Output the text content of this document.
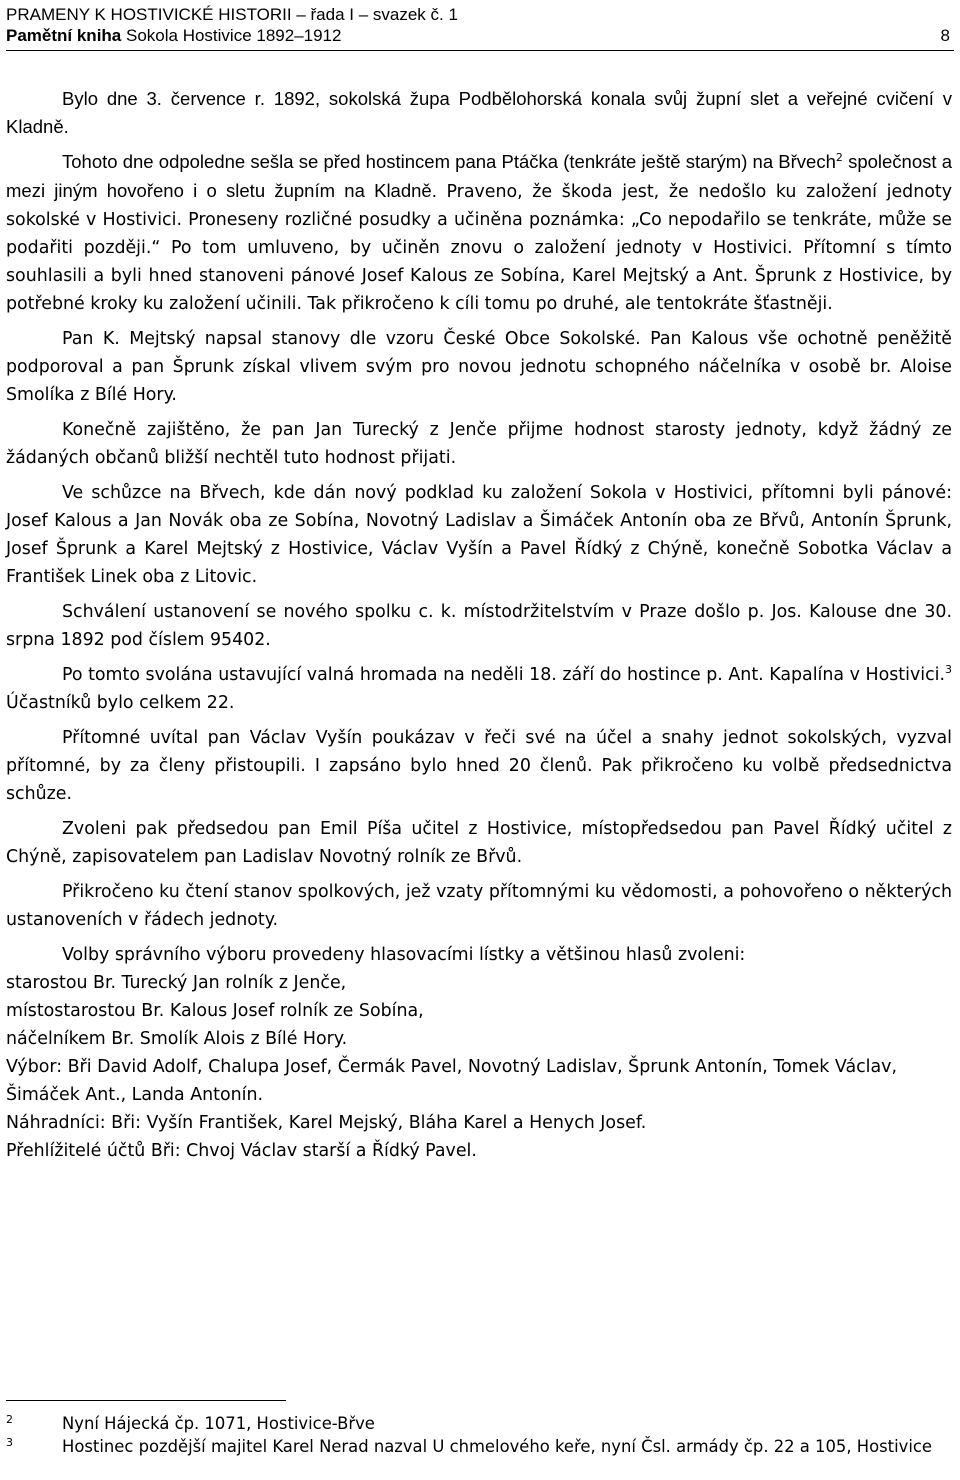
PRAMENY K HOSTIVICKÉ HISTORII – řada I – svazek č. 1
Pamětní kniha Sokola Hostivice 1892–1912	8

Bylo dne 3. července r. 1892, sokolská župa Podbělohorská konala svůj župní slet a veřejné cvičení v Kladně.

Tohoto dne odpoledne sešla se před hostincem pana Ptáčka (tenkráte ještě starým) na Břvech$^2$ společnost a mezi jiným hovořeno i o sletu župním na Kladně. Praveno, že škoda jest, že nedošlo ku založení jednoty sokolské v Hostivici. Proneseny rozličné posudky a učiněna poznámka: „Co nepodařilo se tenkráte, může se podařiti později.“ Po tom umluveno, by učiněn znovu o založení jednoty v Hostivici. Přítomní s tímto souhlasili a byli hned stanoveni pánové Josef Kalous ze Sobína, Karel Mejtský a Ant. Šprunk z Hostivice, by potřebné kroky ku založení učinili. Tak přikročeno k cíli tomu po druhé, ale tentokráte šťastněji.

Pan K. Mejtský napsal stanovy dle vzoru České Obce Sokolské. Pan Kalous vše ochotně peněžitě podporoval a pan Šprunk získal vlivem svým pro novou jednotu schopného náčelníka v osobě br. Aloise Smolíka z Bílé Hory.

Konečně zajištěno, že pan Jan Turecký z Jenče přijme hodnost starosty jednoty, když žádný ze žádaných občanů bližší nechtěl tuto hodnost přijati.

Ve schůzce na Břvech, kde dán nový podklad ku založení Sokola v Hostivici, přítomni byli pánové: Josef Kalous a Jan Novák oba ze Sobína, Novotný Ladislav a Šimáček Antonín oba ze Břvů, Antonín Šprunk, Josef Šprunk a Karel Mejtský z Hostivice, Václav Vyšín a Pavel Řídký z Chýně, konečně Sobotka Václav a František Linek oba z Litovic.

Schválení ustanovení se nového spolku c. k. místodržitelstvím v Praze došlo p. Jos. Kalouse dne 30. srpna 1892 pod číslem 95402.

Po tomto svolána ustavující valná hromada na neděli 18. září do hostince p. Ant. Kapalína v Hostivici.$^3$ Účastníků bylo celkem 22.

Přítomné uvítal pan Václav Vyšín poukázav v řeči své na účel a snahy jednot sokolských, vyzval přítomné, by za členy přistoupili. I zapsáno bylo hned 20 členů. Pak přikročeno ku volbě předsednictva schůze.

Zvoleni pak předsedou pan Emil Píša učitel z Hostivice, místopředsedou pan Pavel Řídký učitel z Chýně, zapisovatelem pan Ladislav Novotný rolník ze Břvů.

Přikročeno ku čtení stanov spolkových, jež vzaty přítomnými ku vědomosti, a pohovořeno o některých ustanoveních v řádech jednoty.

Volby správního výboru provedeny hlasovacími lístky a většinou hlasů zvoleni:

starostou Br. Turecký Jan rolník z Jenče,
místostarostou Br. Kalous Josef rolník ze Sobína,
náčelníkem Br. Smolík Alois z Bílé Hory.
Výbor: Bři David Adolf, Chalupa Josef, Čermák Pavel, Novotný Ladislav, Šprunk Antonín, Tomek Václav, Šimáček Ant., Landa Antonín.
Náhradníci: Bři: Vyšín František, Karel Mejský, Bláha Karel a Henych Josef.
Přehlížitelé účtů Bři: Chvoj Václav starší a Řídký Pavel.
2	Nyní Hájecká čp. 1071, Hostivice-Břve
3	Hostinec pozdější majitel Karel Nerad nazval U chmelového keře, nyní Čsl. armády čp. 22 a 105, Hostivice
